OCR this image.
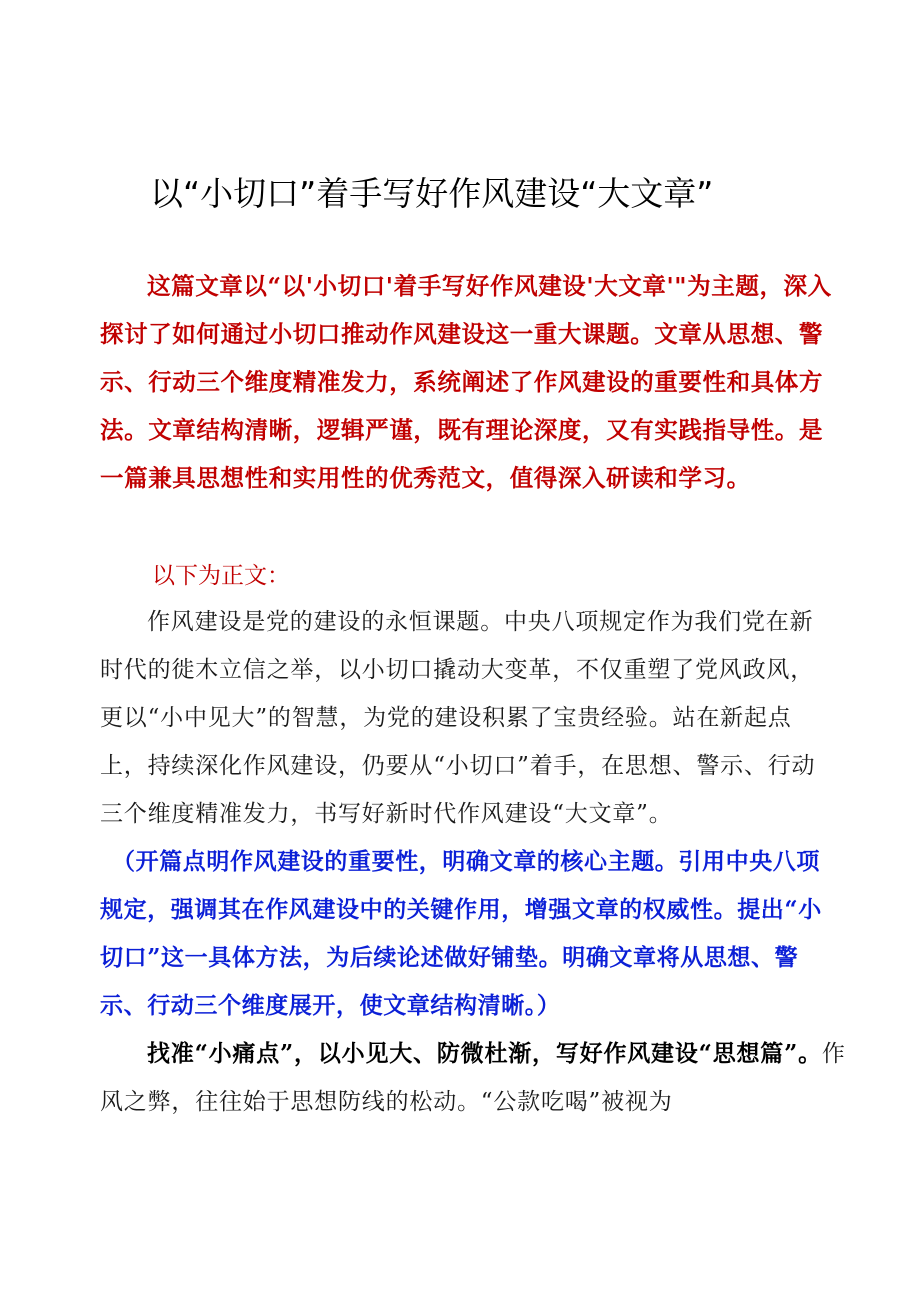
以“小切口”着手写好作风建设“大文章”

这篇文章以“以'小切口'着手写好作风建设'大文章'"为主题，深入探讨了如何通过小切口推动作风建设这一重大课题。文章从思想、警示、行动三个维度精准发力，系统阐述了作风建设的重要性和具体方法。文章结构清晰，逻辑严谨，既有理论深度，又有实践指导性。是一篇兼具思想性和实用性的优秀范文，值得深入研读和学习。

以下为正文：

作风建设是党的建设的永恒课题。中央八项规定作为我们党在新时代的徙木立信之举，以小切口撬动大变革，不仅重塑了党风政风，更以“小中见大”的智慧，为党的建设积累了宝贵经验。站在新起点上，持续深化作风建设，仍要从“小切口”着手，在思想、警示、行动三个维度精准发力，书写好新时代作风建设“大文章”。

（开篇点明作风建设的重要性，明确文章的核心主题。引用中央八项规定，强调其在作风建设中的关键作用，增强文章的权威性。提出“小切口”这一具体方法，为后续论述做好铺垫。明确文章将从思想、警示、行动三个维度展开，使文章结构清晰。）

找准“小痛点”，以小见大、防微杜渐，写好作风建设“思想篇”。作风之弊，往往始于思想防线的松动。“公款吃喝”被视为
